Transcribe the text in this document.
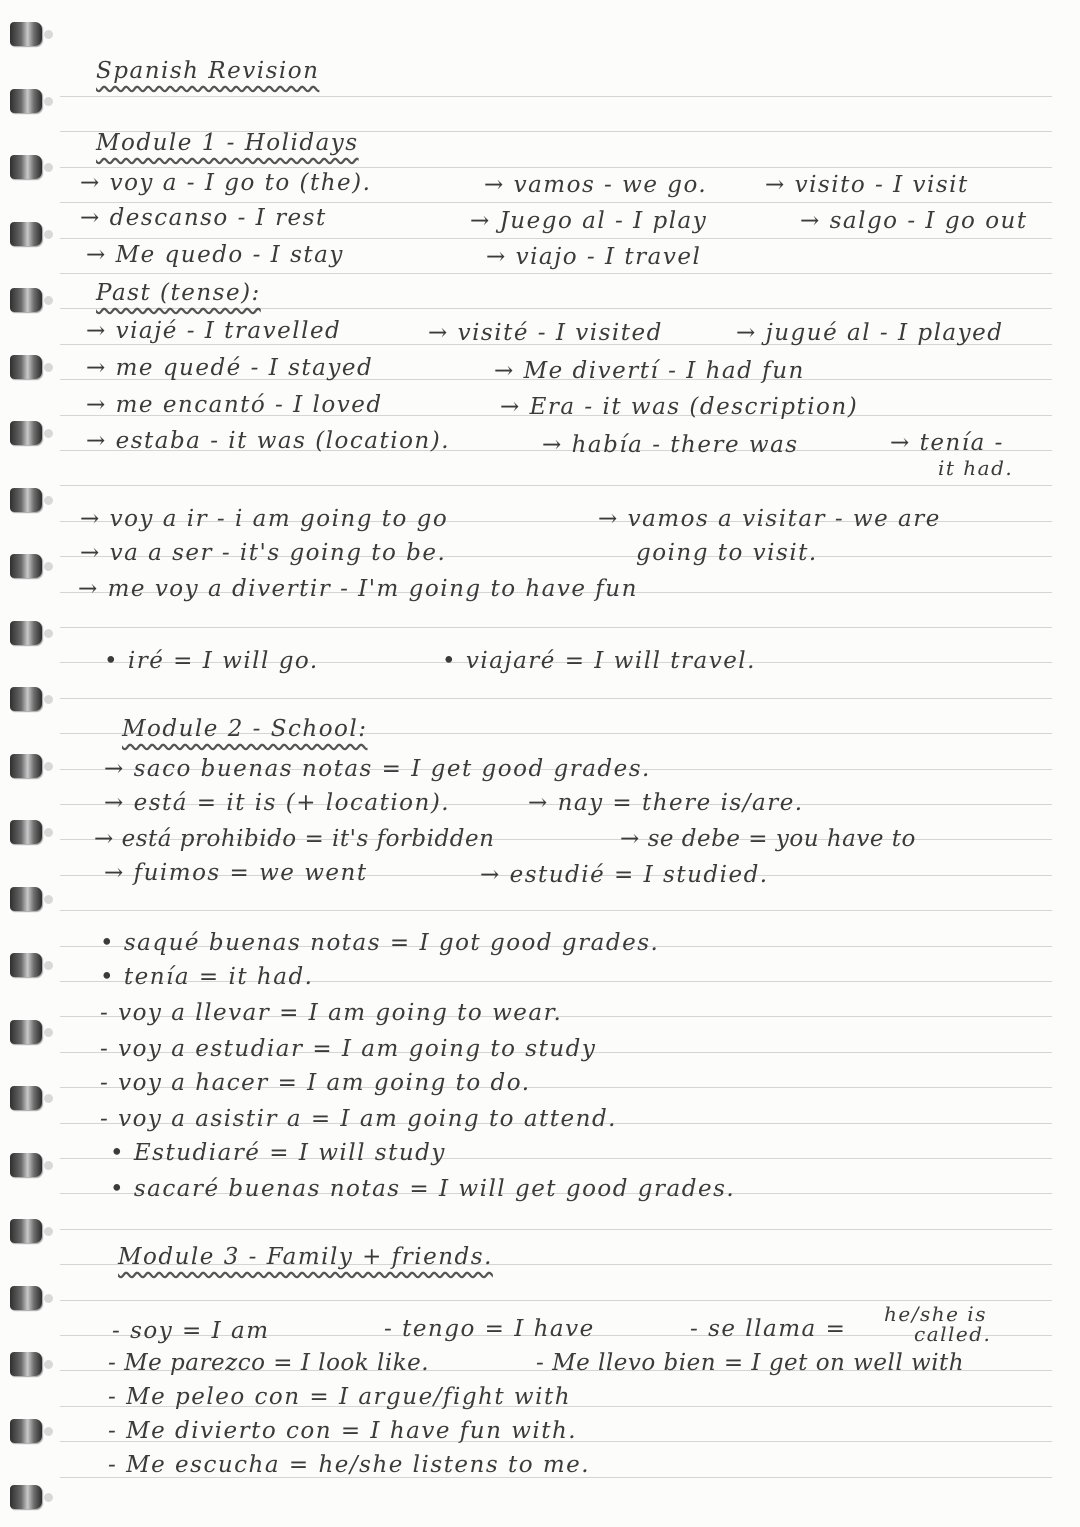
Spanish Revision
Module 1 - Holidays
→ voy a - I go to (the).	→ vamos - we go.	→ visito - I visit
→ descanso - I rest	→ Juego al - I play	→ salgo - I go out
→ Me quedo - I stay	→ viajo - I travel
Past (tense):
→ viajé - I travelled	→ visité - I visited	→ jugué al - I played
→ me quedé - I stayed	→ Me divertí - I had fun
→ me encantó - I loved	→ Era - it was (description)
→ estaba - it was (location).	→ había - there was	→ tenía -
it had.
→ voy a ir - i am going to go	→ vamos a visitar - we are
→ va a ser - it's going to be.	going to visit.
→ me voy a divertir - I'm going to have fun
• iré = I will go.	• viajaré = I will travel.
Module 2 - School:
→ saco buenas notas = I get good grades.
→ está = it is (+ location).	→ nay = there is/are.
→ está prohibido = it's forbidden	→ se debe = you have to
→ fuimos = we went	→ estudié = I studied.
• saqué buenas notas = I got good grades.
• tenía = it had.
- voy a llevar = I am going to wear.
- voy a estudiar = I am going to study
- voy a hacer = I am going to do.
- voy a asistir a = I am going to attend.
• Estudiaré = I will study
• sacaré buenas notas = I will get good grades.
Module 3 - Family + friends.
- soy = I am	- tengo = I have	- se llama =
he/she is
called.
- Me parezco = I look like.	- Me llevo bien = I get on well with
- Me peleo con = I argue/fight with
- Me divierto con = I have fun with.
- Me escucha = he/she listens to me.
